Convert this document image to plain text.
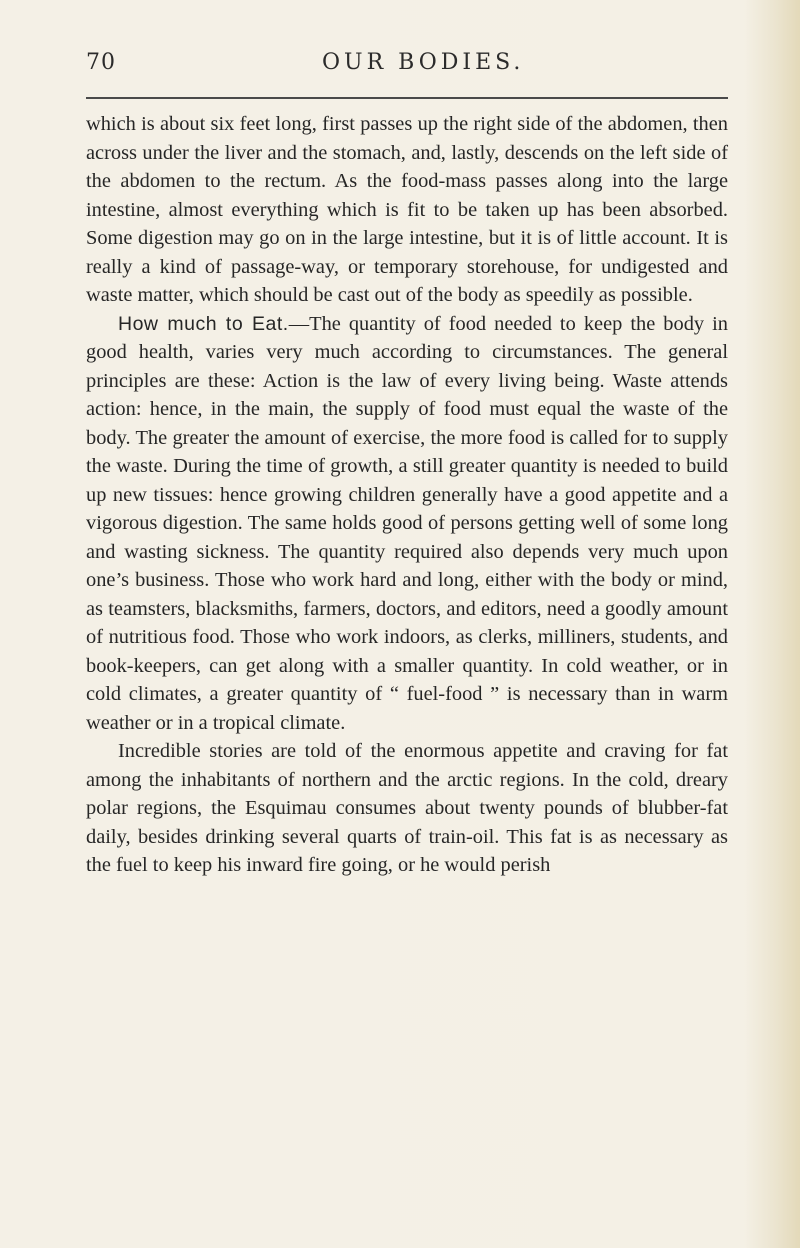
70	OUR BODIES.

which is about six feet long, first passes up the right side of the abdomen, then across under the liver and the stomach, and, lastly, descends on the left side of the abdomen to the rectum. As the food-mass passes along into the large intestine, almost everything which is fit to be taken up has been absorbed. Some digestion may go on in the large intestine, but it is of little account. It is really a kind of passage-way, or temporary storehouse, for undigested and waste matter, which should be cast out of the body as speedily as possible.

How much to Eat.—The quantity of food needed to keep the body in good health, varies very much according to circumstances. The general principles are these: Action is the law of every living being. Waste attends action: hence, in the main, the supply of food must equal the waste of the body. The greater the amount of exercise, the more food is called for to supply the waste. During the time of growth, a still greater quantity is needed to build up new tissues: hence growing children generally have a good appetite and a vigorous digestion. The same holds good of persons getting well of some long and wasting sickness. The quantity required also depends very much upon one’s business. Those who work hard and long, either with the body or mind, as teamsters, blacksmiths, farmers, doctors, and editors, need a goodly amount of nutritious food. Those who work indoors, as clerks, milliners, students, and book-keepers, can get along with a smaller quantity. In cold weather, or in cold climates, a greater quantity of “ fuel-food ” is necessary than in warm weather or in a tropical climate.

Incredible stories are told of the enormous appetite and craving for fat among the inhabitants of northern and the arctic regions. In the cold, dreary polar regions, the Esquimau consumes about twenty pounds of blubber-fat daily, besides drinking several quarts of train-oil. This fat is as necessary as the fuel to keep his inward fire going, or he would perish
